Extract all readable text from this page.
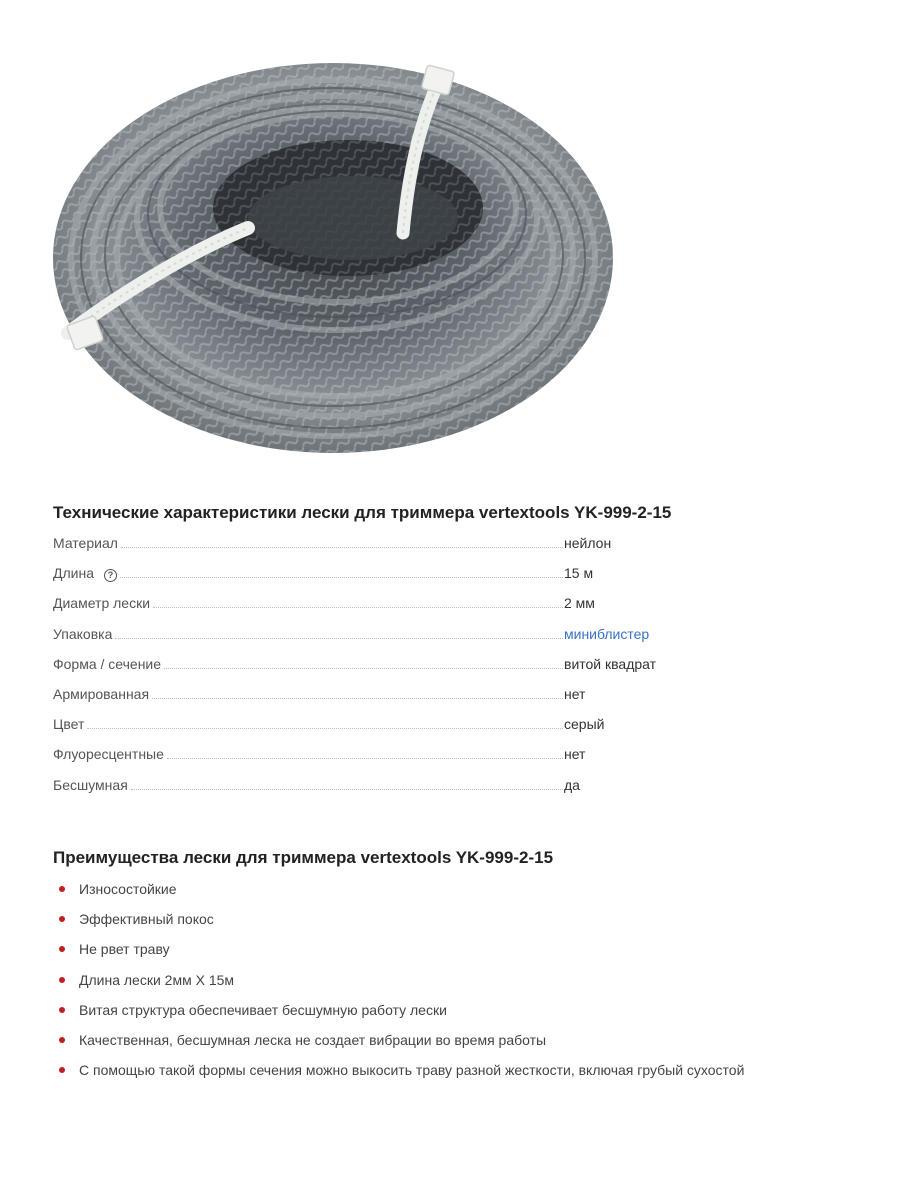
Технические характеристики лески для триммера vertextools YK-999-2-15
Материал	нейлон
Длина	?	15 м
Диаметр лески	2 мм
Упаковка	миниблистер
Форма / сечение	витой квадрат
Армированная	нет
Цвет	серый
Флуоресцентные	нет
Бесшумная	да
Преимущества лески для триммера vertextools YK-999-2-15
Износостойкие
Эффективный покос
Не рвет траву
Длина лески 2мм Х 15м
Витая структура обеспечивает бесшумную работу лески
Качественная, бесшумная леска не создает вибрации во время работы
С помощью такой формы сечения можно выкосить траву разной жесткости, включая грубый сухостой
